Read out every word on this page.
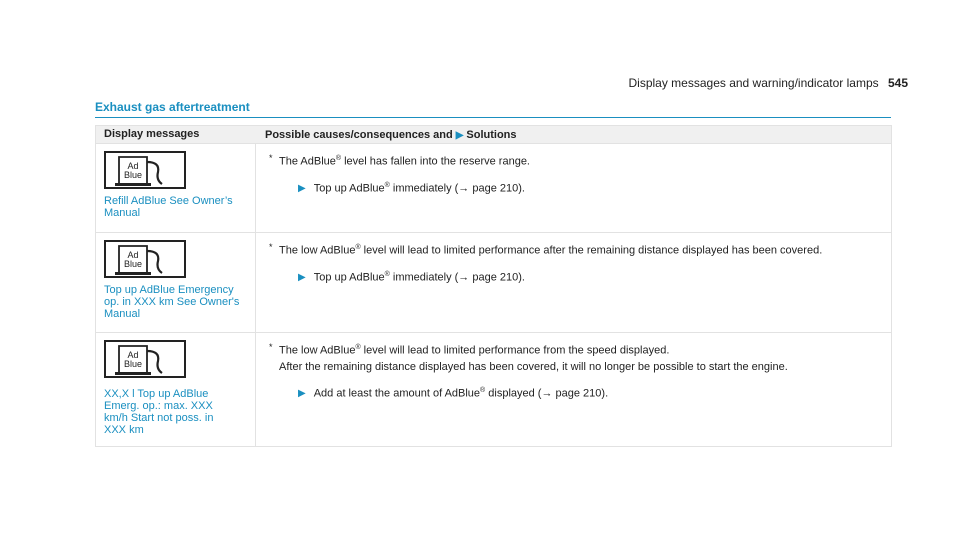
Display messages and warning/indicator lamps 545
Exhaust gas aftertreatment
Display messages	Possible causes/consequences and ▶ Solutions
Ad
Blue
Refill AdBlue See Owner’s Manual
* The AdBlue® level has fallen into the reserve range.
▶ Top up AdBlue® immediately (→ page 210).
Ad
Blue
Top up AdBlue Emergency op. in XXX km See Owner's Manual
* The low AdBlue® level will lead to limited performance after the remaining distance displayed has been covered.
▶ Top up AdBlue® immediately (→ page 210).
Ad
Blue
XX,X l Top up AdBlue Emerg. op.: max. XXX km/h Start not poss. in XXX km
* The low AdBlue® level will lead to limited performance from the speed displayed.
After the remaining distance displayed has been covered, it will no longer be possible to start the engine.
▶ Add at least the amount of AdBlue® displayed (→ page 210).
